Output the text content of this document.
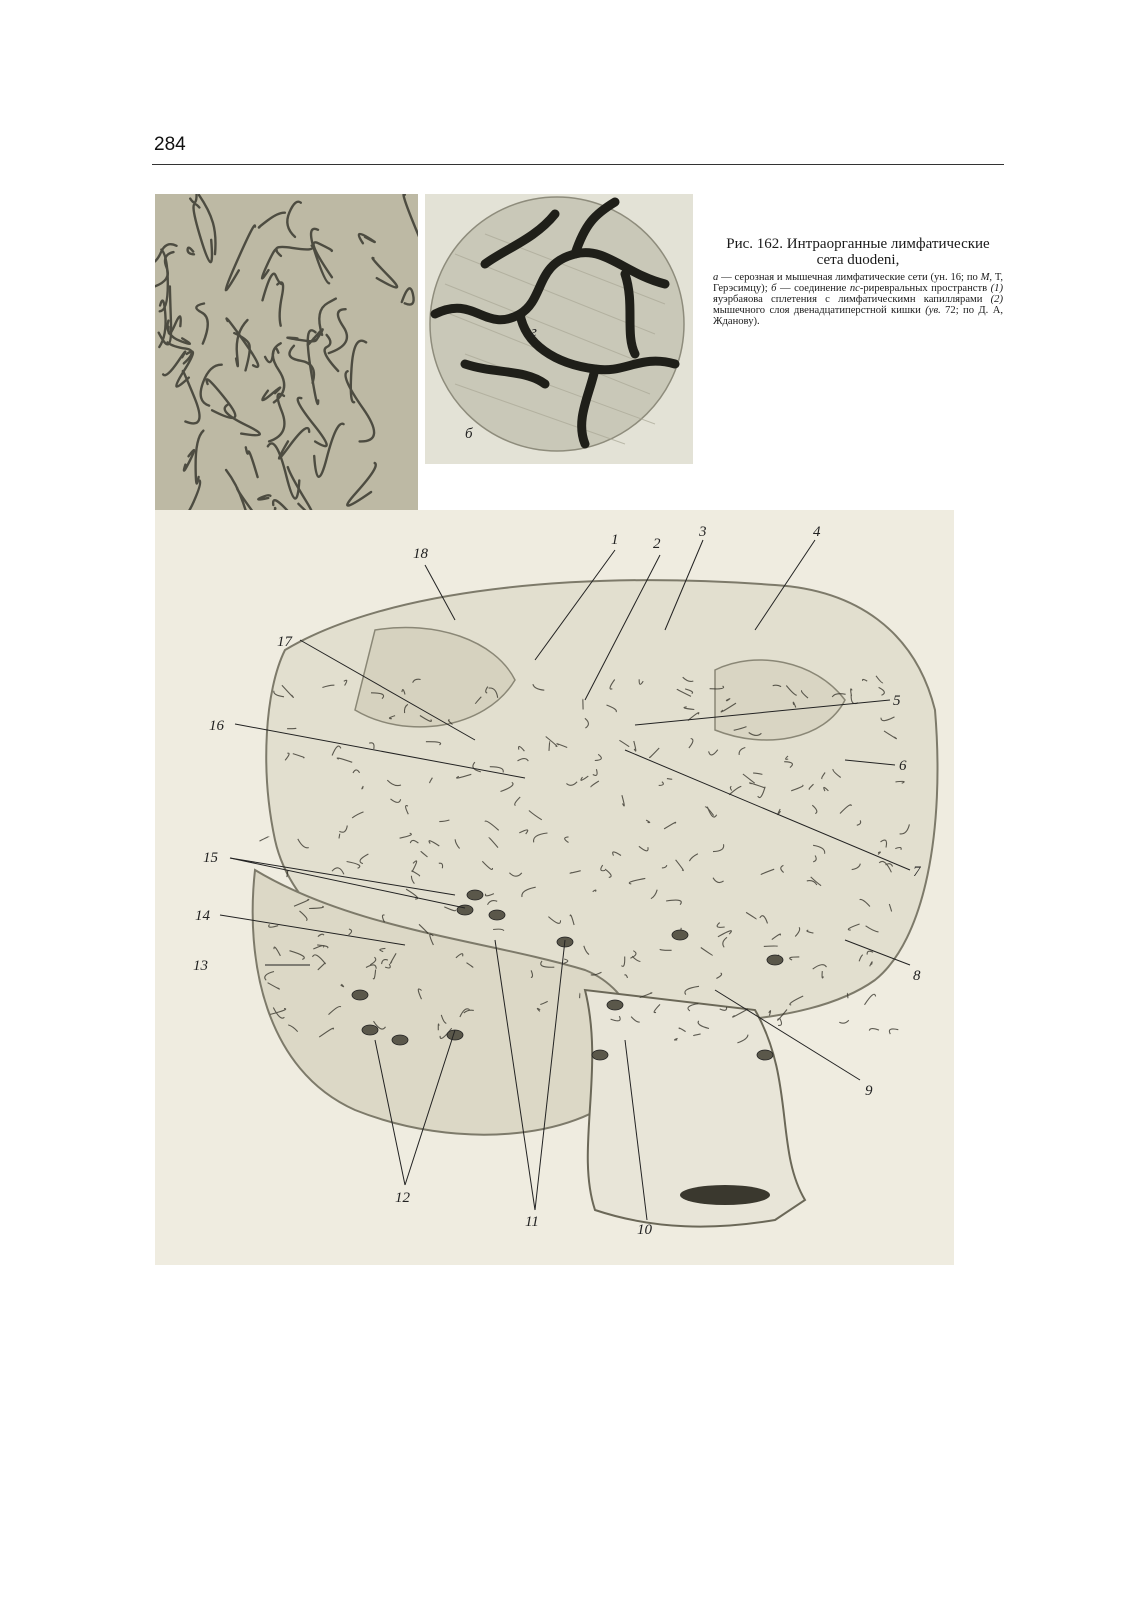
284
б
г
Рис. 162. Интраорганные лимфатические сета duodeni,
а — серозная и мышечная лимфатические сети (ун. 16; по М, Т, Герэсимцу); б — соединение пс-риревральных пространств (1) яуэрбаяова сплетения с лимфатическимн капиллярами (2) мышечного слоя двенадцатиперстной кишки (ув. 72; по Д. А, Жданову).
1 2
3	4
5
6
7
8
9
10
11
12
13
14
15
16
17
18
